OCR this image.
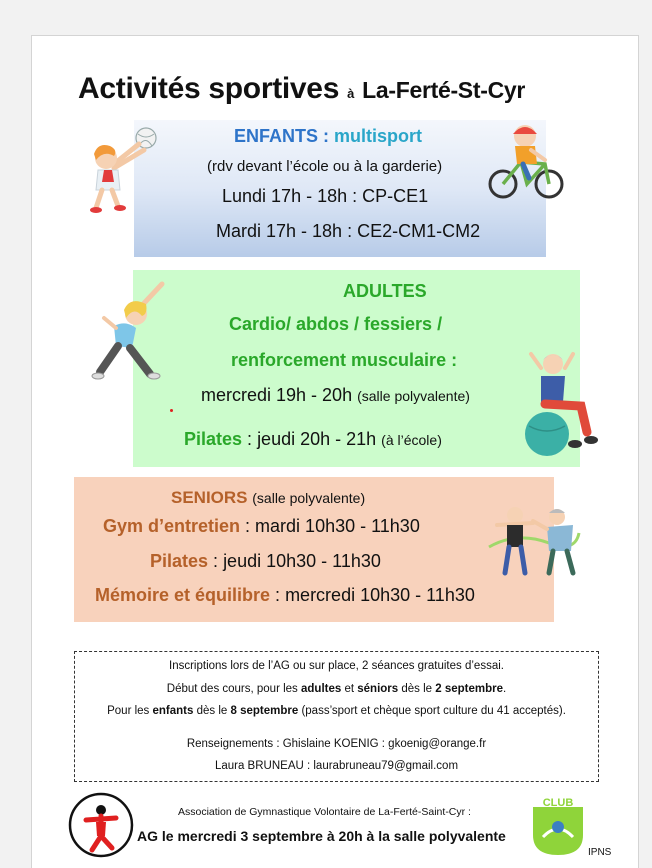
Activités sportives à La-Ferté-St-Cyr
ENFANTS : multisport
(rdv devant l’école ou à la garderie)
Lundi 17h - 18h : CP-CE1
Mardi 17h - 18h : CE2-CM1-CM2
ADULTES
Cardio/ abdos / fessiers /
renforcement musculaire :
mercredi 19h - 20h (salle polyvalente)
Pilates : jeudi 20h - 21h (à l’école)
SENIORS (salle polyvalente)
Gym d’entretien : mardi 10h30 - 11h30
Pilates : jeudi 10h30 - 11h30
Mémoire et équilibre : mercredi 10h30 - 11h30

Inscriptions lors de l’AG ou sur place, 2 séances gratuites d’essai.

Début des cours, pour les adultes et séniors dès le 2 septembre.

Pour les enfants dès le 8 septembre (pass’sport et chèque sport culture du 41 acceptés).

Renseignements : Ghislaine KOENIG : gkoenig@orange.fr

Laura BRUNEAU : laurabruneau79@gmail.com

Association de Gymnastique Volontaire de La-Ferté-Saint-Cyr :
AG le mercredi 3 septembre à 20h à la salle polyvalente
CLUB
IPNS
